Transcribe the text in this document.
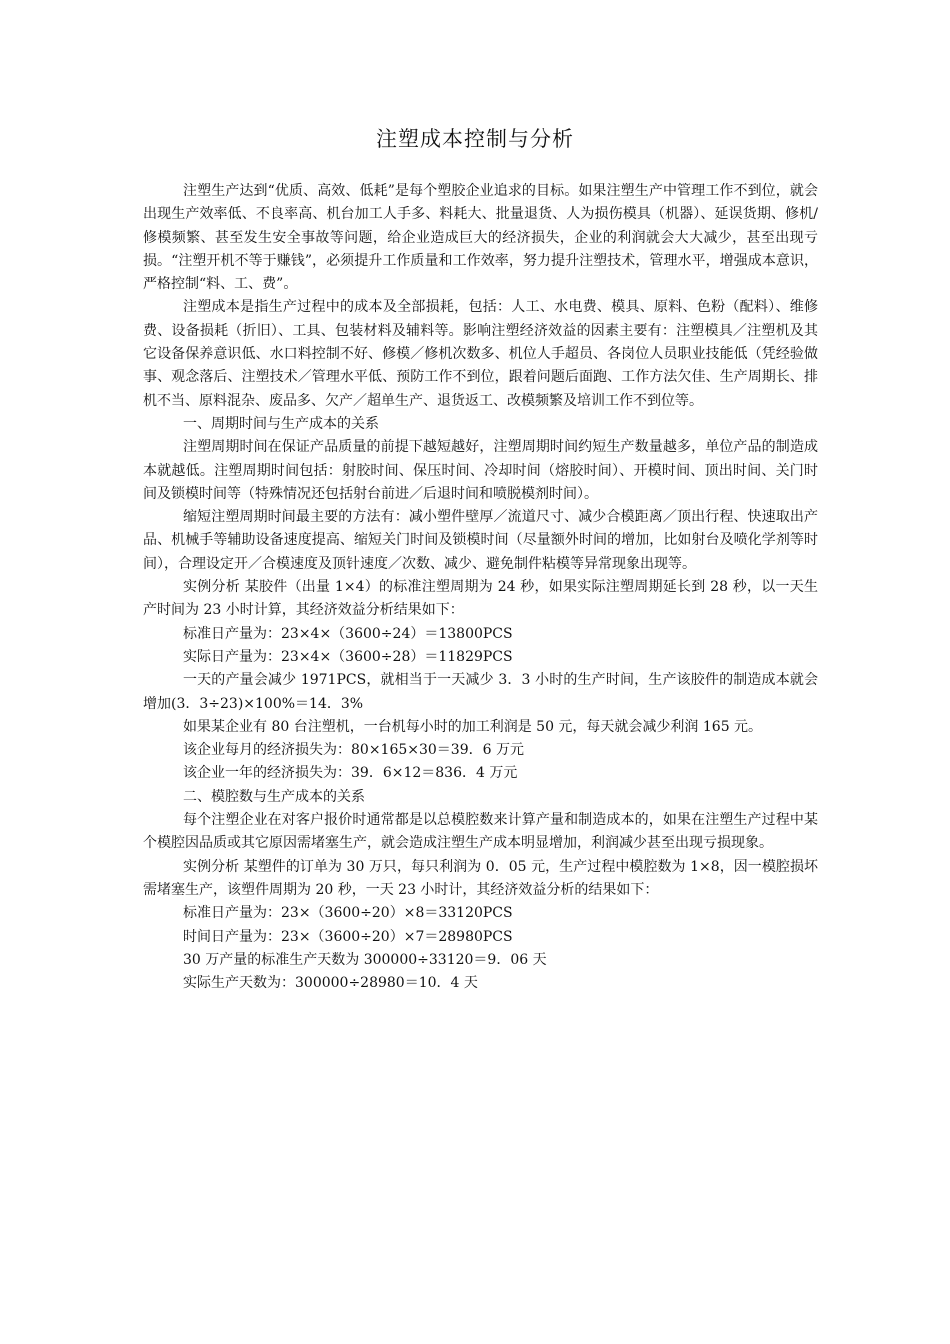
注塑成本控制与分析

注塑生产达到“优质、高效、低耗”是每个塑胶企业追求的目标。如果注塑生产中管理工作不到位，就会出现生产效率低、不良率高、机台加工人手多、料耗大、批量退货、人为损伤模具（机器）、延误货期、修机/修模频繁、甚至发生安全事故等问题，给企业造成巨大的经济损失，企业的利润就会大大减少，甚至出现亏损。“注塑开机不等于赚钱”，必须提升工作质量和工作效率，努力提升注塑技术，管理水平，增强成本意识，严格控制“料、工、费”。

注塑成本是指生产过程中的成本及全部损耗，包括：人工、水电费、模具、原料、色粉（配料）、维修费、设备损耗（折旧）、工具、包装材料及辅料等。影响注塑经济效益的因素主要有：注塑模具／注塑机及其它设备保养意识低、水口料控制不好、修模／修机次数多、机位人手超员、各岗位人员职业技能低（凭经验做事、观念落后、注塑技术／管理水平低、预防工作不到位，跟着问题后面跑、工作方法欠佳、生产周期长、排机不当、原料混杂、废品多、欠产／超单生产、退货返工、改模频繁及培训工作不到位等。

一、周期时间与生产成本的关系

注塑周期时间在保证产品质量的前提下越短越好，注塑周期时间约短生产数量越多，单位产品的制造成本就越低。注塑周期时间包括：射胶时间、保压时间、冷却时间（熔胶时间）、开模时间、顶出时间、关门时间及锁模时间等（特殊情况还包括射台前进／后退时间和喷脱模剂时间）。

缩短注塑周期时间最主要的方法有：减小塑件壁厚／流道尺寸、减少合模距离／顶出行程、快速取出产品、机械手等辅助设备速度提高、缩短关门时间及锁模时间（尽量额外时间的增加，比如射台及喷化学剂等时间），合理设定开／合模速度及顶针速度／次数、减少、避免制件粘模等异常现象出现等。

实例分析 某胶件（出量 1×4）的标准注塑周期为 24 秒，如果实际注塑周期延长到 28 秒，以一天生产时间为 23 小时计算，其经济效益分析结果如下：

标准日产量为：23×4×（3600÷24）＝13800PCS

实际日产量为：23×4×（3600÷28）＝11829PCS

一天的产量会减少 1971PCS，就相当于一天减少 3．3 小时的生产时间，生产该胶件的制造成本就会增加(3．3÷23)×100%＝14．3%

如果某企业有 80 台注塑机，一台机每小时的加工利润是 50 元，每天就会减少利润 165 元。

该企业每月的经济损失为：80×165×30＝39．6 万元

该企业一年的经济损失为：39．6×12＝836．4 万元

二、模腔数与生产成本的关系

每个注塑企业在对客户报价时通常都是以总模腔数来计算产量和制造成本的，如果在注塑生产过程中某个模腔因品质或其它原因需堵塞生产，就会造成注塑生产成本明显增加，利润减少甚至出现亏损现象。

实例分析 某塑件的订单为 30 万只，每只利润为 0．05 元，生产过程中模腔数为 1×8，因一模腔损坏需堵塞生产，该塑件周期为 20 秒，一天 23 小时计，其经济效益分析的结果如下：

标准日产量为：23×（3600÷20）×8＝33120PCS

时间日产量为：23×（3600÷20）×7＝28980PCS

30 万产量的标准生产天数为 300000÷33120＝9．06 天

实际生产天数为：300000÷28980＝10．4 天
